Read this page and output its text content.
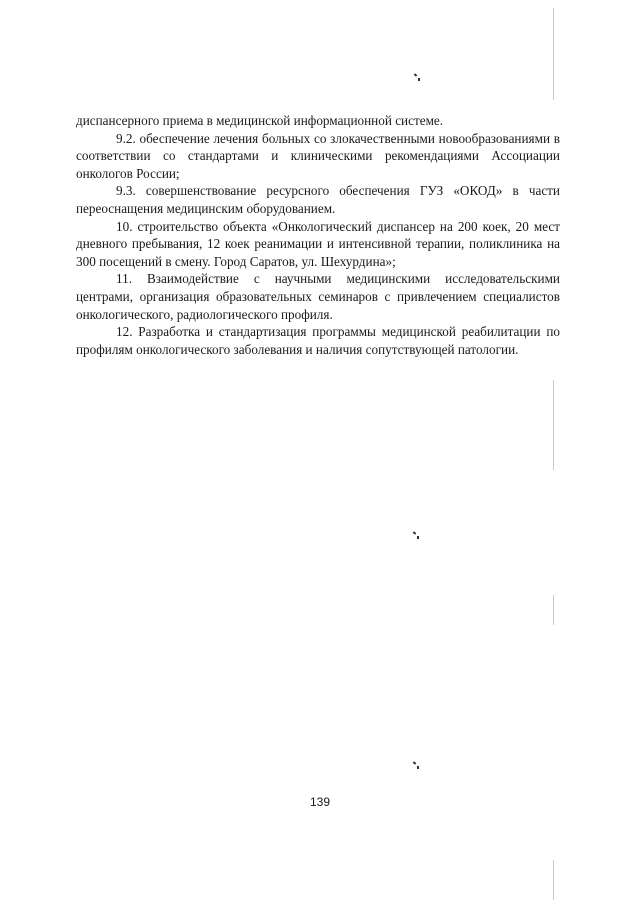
диспансерного приема в медицинской информационной системе.

9.2. обеспечение лечения больных со злокачественными новообразованиями в соответствии со стандартами и клиническими рекомендациями Ассоциации онкологов России;

9.3. совершенствование ресурсного обеспечения ГУЗ «ОКОД» в части переоснащения медицинским оборудованием.

10. строительство объекта «Онкологический диспансер на 200 коек, 20 мест дневного пребывания, 12 коек реанимации и интенсивной терапии, поликлиника на 300 посещений в смену. Город Саратов, ул. Шехурдина»;

11. Взаимодействие с научными медицинскими исследовательскими центрами, организация образовательных семинаров с привлечением специалистов онкологического, радиологического профиля.

12. Разработка и стандартизация программы медицинской реабилитации по профилям онкологического заболевания и наличия сопутствующей патологии.

139
